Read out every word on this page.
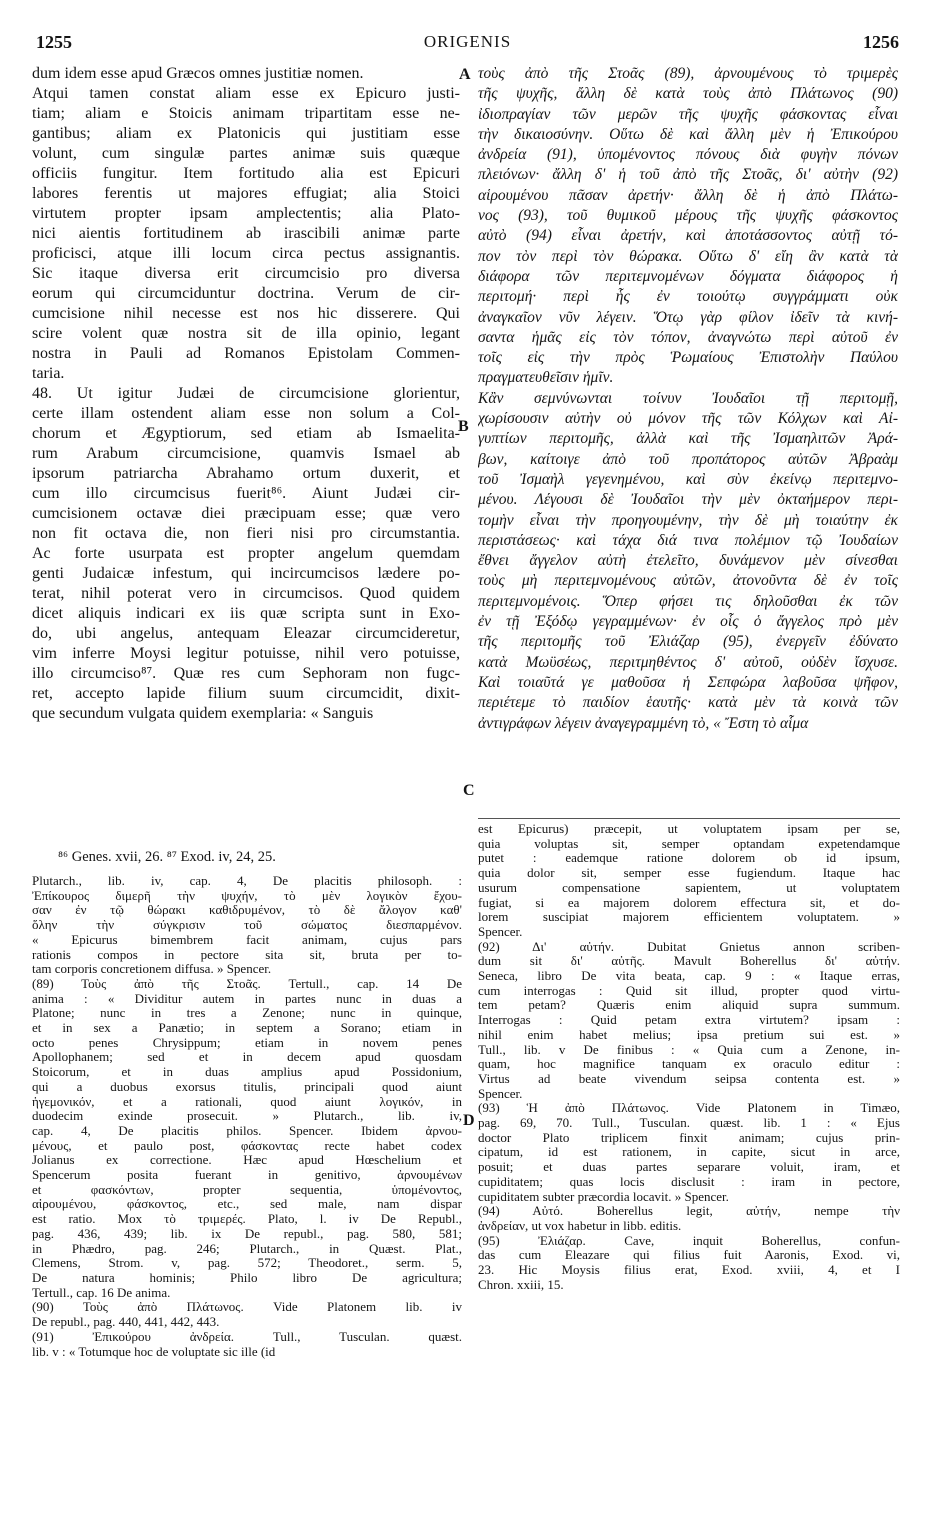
1255	ORIGENIS	1256
dum idem esse apud Græcos omnes justitiæ nomen.
Atqui tamen constat aliam esse ex Epicuro justi-
tiam; aliam e Stoicis animam tripartitam esse ne-
gantibus; aliam ex Platonicis qui justitiam esse
volunt, cum singulæ partes animæ suis quæque
officiis fungitur. Item fortitudo alia est Epicuri
labores ferentis ut majores effugiat; alia Stoici
virtutem propter ipsam amplectentis; alia Plato-
nici aientis fortitudinem ab irascibili animæ parte
proficisci, atque illi locum circa pectus assignantis.
Sic itaque diversa erit circumcisio pro diversa
eorum qui circumciduntur doctrina. Verum de cir-
cumcisione nihil necesse est nos hic disserere. Qui
scire volent quæ nostra sit de illa opinio, legant
nostra in Pauli ad Romanos Epistolam Commen-
taria.
48. Ut igitur Judæi de circumcisione glorientur,
certe illam ostendent aliam esse non solum a Col-
chorum et Ægyptiorum, sed etiam ab Ismaelita-
rum Arabum circumcisione, quamvis Ismael ab
ipsorum patriarcha Abrahamo ortum duxerit, et
cum illo circumcisus fuerit⁸⁶. Aiunt Judæi cir-
cumcisionem octavæ diei præcipuam esse; quæ vero
non fit octava die, non fieri nisi pro circumstantia.
Ac forte usurpata est propter angelum quemdam
genti Judaicæ infestum, qui incircumcisos lædere po-
terat, nihil poterat vero in circumcisos. Quod quidem
dicet aliquis indicari ex iis quæ scripta sunt in Exo-
do, ubi angelus, antequam Eleazar circumcideretur,
vim inferre Moysi legitur potuisse, nihil vero potuisse,
illo circumciso⁸⁷. Quæ res cum Sephoram non fugc-
ret, accepto lapide filium suum circumcidit, dixit-
que secundum vulgata quidem exemplaria: « Sanguis
τοὺς ἀπὸ τῆς Στοᾶς (89), ἀρνουμένους τὸ τριμερὲς
τῆς ψυχῆς, ἄλλη δὲ κατὰ τοὺς ἀπὸ Πλάτωνος (90)
ἰδιοπραγίαν τῶν μερῶν τῆς ψυχῆς φάσκοντας εἶναι
τὴν δικαιοσύνην. Οὕτω δὲ καὶ ἄλλη μὲν ἡ Ἐπικούρου
ἀνδρεία (91), ὑπομένοντος πόνους διὰ φυγὴν πόνων
πλειόνων· ἄλλη δ' ἡ τοῦ ἀπὸ τῆς Στοᾶς, δι' αὐτὴν (92)
αἱρουμένου πᾶσαν ἀρετήν· ἄλλη δὲ ἡ ἀπὸ Πλάτω-
νος (93), τοῦ θυμικοῦ μέρους τῆς ψυχῆς φάσκοντος
αὐτὸ (94) εἶναι ἀρετήν, καὶ ἀποτάσσοντος αὐτῇ τό-
πον τὸν περὶ τὸν θώρακα. Οὕτω δ' εἴη ἂν κατὰ τὰ
διάφορα τῶν περιτεμνομένων δόγματα διάφορος ἡ
περιτομή· περὶ ἧς ἐν τοιούτῳ συγγράμματι οὐκ
ἀναγκαῖον νῦν λέγειν. Ὅτῳ γὰρ φίλον ἰδεῖν τὰ κινή-
σαντα ἡμᾶς εἰς τὸν τόπον, ἀναγνώτω περὶ αὐτοῦ ἐν
τοῖς εἰς τὴν πρὸς Ῥωμαίους Ἐπιστολὴν Παύλου
πραγματευθεῖσιν ἡμῖν.
Κἂν σεμνύνωνται τοίνυν Ἰουδαῖοι τῇ περιτομῇ,
χωρίσουσιν αὐτὴν οὐ μόνον τῆς τῶν Κόλχων καὶ Αἰ-
γυπτίων περιτομῆς, ἀλλὰ καὶ τῆς Ἰσμαηλιτῶν Ἀρά-
βων, καίτοιγε ἀπὸ τοῦ προπάτορος αὐτῶν Ἀβραὰμ
τοῦ Ἰσμαὴλ γεγενημένου, καὶ σὺν ἐκείνῳ περιτεμνο-
μένου. Λέγουσι δὲ Ἰουδαῖοι τὴν μὲν ὀκταήμερον περι-
τομὴν εἶναι τὴν προηγουμένην, τὴν δὲ μὴ τοιαύτην ἐκ
περιστάσεως· καὶ τάχα διά τινα πολέμιον τῷ Ἰουδαίων
ἔθνει ἄγγελον αὐτὴ ἐτελεῖτο, δυνάμενον μὲν σίνεσθαι
τοὺς μὴ περιτεμνομένους αὐτῶν, ἀτονοῦντα δὲ ἐν τοῖς
περιτεμνομένοις. Ὅπερ φήσει τις δηλοῦσθαι ἐκ τῶν
ἐν τῇ Ἐξόδῳ γεγραμμένων· ἐν οἷς ὁ ἄγγελος πρὸ μὲν
τῆς περιτομῆς τοῦ Ἐλιάζαρ (95), ἐνεργεῖν ἐδύνατο
κατὰ Μωϋσέως, περιτμηθέντος δ' αὐτοῦ, οὐδὲν ἴσχυσε.
Καὶ τοιαῦτά γε μαθοῦσα ἡ Σεπφώρα λαβοῦσα ψῆφον,
περιέτεμε τὸ παιδίον ἑαυτῆς· κατὰ μὲν τὰ κοινὰ τῶν
ἀντιγράφων λέγειν ἀναγεγραμμένη τὸ, « Ἔστη τὸ αἷμα
⁸⁶ Genes. xvii, 26. ⁸⁷ Exod. iv, 24, 25.
Plutarch., lib. iv, cap. 4, De placitis philosoph. :
Ἐπίκουρος διμερῆ τὴν ψυχήν, τὸ μὲν λογικὸν ἔχου-
σαν ἐν τῷ θώρακι καθιδρυμένον, τὸ δὲ ἄλογον καθ'
ὅλην τὴν σύγκρισιν τοῦ σώματος διεσπαρμένον.
« Epicurus bimembrem facit animam, cujus pars
rationis compos in pectore sita sit, bruta per to-
tam corporis concretionem diffusa. » Spencer.
(89) Τοὺς ἀπὸ τῆς Στοᾶς. Tertull., cap. 14 De
anima : « Dividitur autem in partes nunc in duas a
Platone; nunc in tres a Zenone; nunc in quinque,
et in sex a Panætio; in septem a Sorano; etiam in
octo penes Chrysippum; etiam in novem penes
Apollophanem; sed et in decem apud quosdam
Stoicorum, et in duas amplius apud Possidonium,
qui a duobus exorsus titulis, principali quod aiunt
ἡγεμονικόν, et a rationali, quod aiunt λογικόν, in
duodecim exinde prosecuit. » Plutarch., lib. iv,
cap. 4, De placitis philos. Spencer. Ibidem ἀρνου-
μένους, et paulo post, φάσκοντας recte habet codex
Jolianus ex correctione. Hæc apud Hœschelium et
Spencerum posita fuerant in genitivo, ἀρνουμένων
et φασκόντων, propter sequentia, ὑπομένοντος,
αἱρουμένου, φάσκοντος, etc., sed male, nam dispar
est ratio. Mox τὸ τριμερές. Plato, l. iv De Republ.,
pag. 436, 439; lib. ix De republ., pag. 580, 581;
in Phædro, pag. 246; Plutarch., in Quæst. Plat.,
Clemens, Strom. v, pag. 572; Theodoret., serm. 5,
De natura hominis; Philo libro De agricultura;
Tertull., cap. 16 De anima.
(90) Τοὺς ἀπὸ Πλάτωνος. Vide Platonem lib. iv
De republ., pag. 440, 441, 442, 443.
(91) Ἐπικούρου ἀνδρεία. Tull., Tusculan. quæst.
lib. v : « Totumque hoc de voluptate sic ille (id
est Epicurus) præcepit, ut voluptatem ipsam per se,
quia voluptas sit, semper optandam expetendamque
putet : eademque ratione dolorem ob id ipsum,
quia dolor sit, semper esse fugiendum. Itaque hac
usurum compensatione sapientem, ut voluptatem
fugiat, si ea majorem dolorem effectura sit, et do-
lorem suscipiat majorem efficientem voluptatem. »
Spencer.
(92) Δι' αὐτήν. Dubitat Gnietus annon scriben-
dum sit δι' αὐτῆς. Mavult Boherellus δι' αὐτήν.
Seneca, libro De vita beata, cap. 9 : « Itaque erras,
cum interrogas : Quid sit illud, propter quod virtu-
tem petam? Quæris enim aliquid supra summum.
Interrogas : Quid petam extra virtutem? ipsam :
nihil enim habet melius; ipsa pretium sui est. »
Tull., lib. v De finibus : « Quia cum a Zenone, in-
quam, hoc magnifice tanquam ex oraculo editur :
Virtus ad beate vivendum seipsa contenta est. »
Spencer.
(93) Ἡ ἀπὸ Πλάτωνος. Vide Platonem in Timæo,
pag. 69, 70. Tull., Tusculan. quæst. lib. 1 : « Ejus
doctor Plato triplicem finxit animam; cujus prin-
cipatum, id est rationem, in capite, sicut in arce,
posuit; et duas partes separare voluit, iram, et
cupiditatem; quas locis disclusit : iram in pectore,
cupiditatem subter præcordia locavit. » Spencer.
(94) Αὐτό. Boherellus legit, αὐτήν, nempe τὴν
ἀνδρείαν, ut vox habetur in libb. editis.
(95) Ἐλιάζαρ. Cave, inquit Boherellus, confun-
das cum Eleazare qui filius fuit Aaronis, Exod. vi,
23. Hic Moysis filius erat, Exod. xviii, 4, et I
Chron. xxiii, 15.
A
B
C
D
